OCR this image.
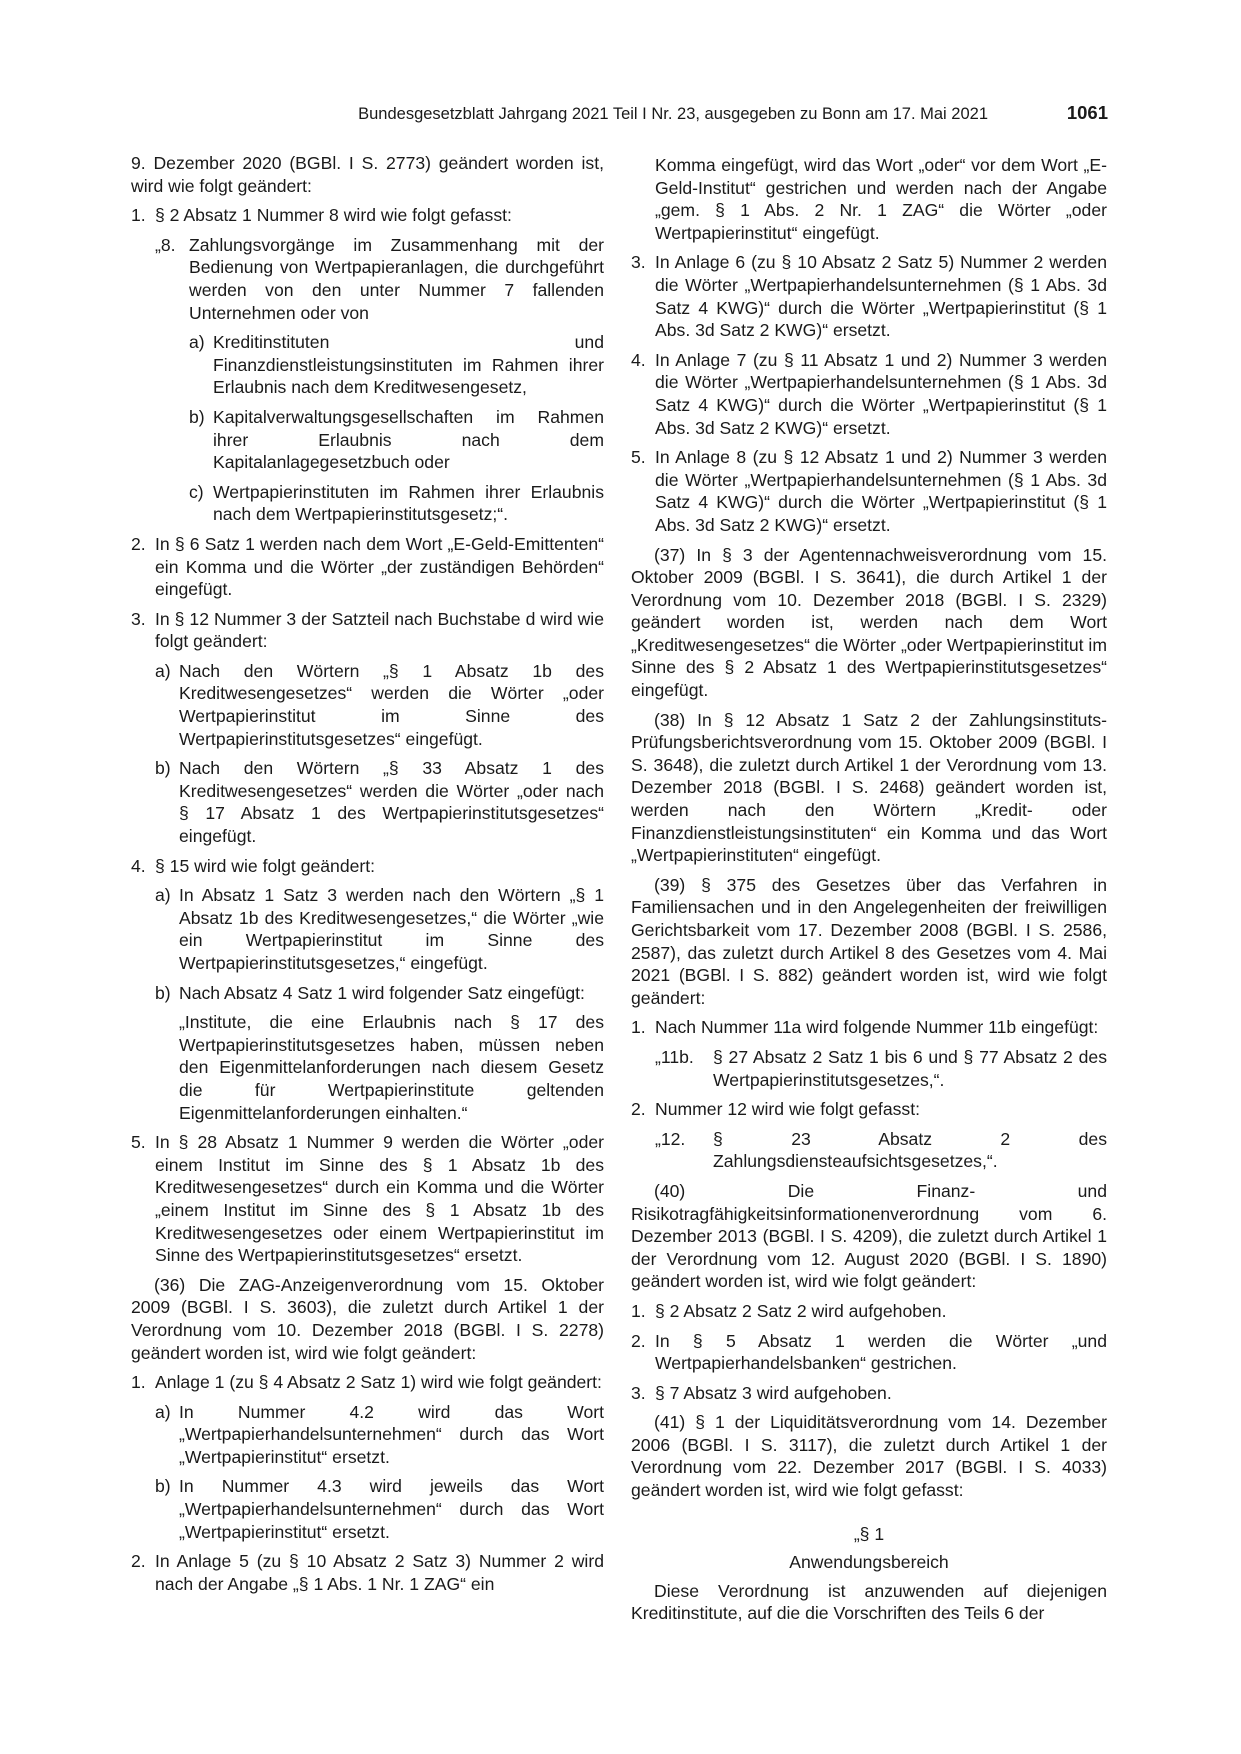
Bundesgesetzblatt Jahrgang 2021 Teil I Nr. 23, ausgegeben zu Bonn am 17. Mai 2021	1061

9. Dezember 2020 (BGBl. I S. 2773) geändert worden ist, wird wie folgt geändert:

1. § 2 Absatz 1 Nummer 8 wird wie folgt gefasst:
„8. Zahlungsvorgänge im Zusammenhang mit der Bedienung von Wertpapieranlagen, die durchgeführt werden von den unter Nummer 7 fallenden Unternehmen oder von
a) Kreditinstituten und Finanzdienstleistungsinstituten im Rahmen ihrer Erlaubnis nach dem Kreditwesengesetz,
b) Kapitalverwaltungsgesellschaften im Rahmen ihrer Erlaubnis nach dem Kapitalanlagegesetzbuch oder
c) Wertpapierinstituten im Rahmen ihrer Erlaubnis nach dem Wertpapierinstitutsgesetz;“.
2. In § 6 Satz 1 werden nach dem Wort „E-Geld-Emittenten“ ein Komma und die Wörter „der zuständigen Behörden“ eingefügt.
3. In § 12 Nummer 3 der Satzteil nach Buchstabe d wird wie folgt geändert:
a) Nach den Wörtern „§ 1 Absatz 1b des Kreditwesengesetzes“ werden die Wörter „oder Wertpapierinstitut im Sinne des Wertpapierinstitutsgesetzes“ eingefügt.
b) Nach den Wörtern „§ 33 Absatz 1 des Kreditwesengesetzes“ werden die Wörter „oder nach § 17 Absatz 1 des Wertpapierinstitutsgesetzes“ eingefügt.
4. § 15 wird wie folgt geändert:
a) In Absatz 1 Satz 3 werden nach den Wörtern „§ 1 Absatz 1b des Kreditwesengesetzes,“ die Wörter „wie ein Wertpapierinstitut im Sinne des Wertpapierinstitutsgesetzes,“ eingefügt.
b) Nach Absatz 4 Satz 1 wird folgender Satz eingefügt:

„Institute, die eine Erlaubnis nach § 17 des Wertpapierinstitutsgesetzes haben, müssen neben den Eigenmittelanforderungen nach diesem Gesetz die für Wertpapierinstitute geltenden Eigenmittelanforderungen einhalten.“

5. In § 28 Absatz 1 Nummer 9 werden die Wörter „oder einem Institut im Sinne des § 1 Absatz 1b des Kreditwesengesetzes“ durch ein Komma und die Wörter „einem Institut im Sinne des § 1 Absatz 1b des Kreditwesengesetzes oder einem Wertpapierinstitut im Sinne des Wertpapierinstitutsgesetzes“ ersetzt.

(36) Die ZAG-Anzeigenverordnung vom 15. Oktober 2009 (BGBl. I S. 3603), die zuletzt durch Artikel 1 der Verordnung vom 10. Dezember 2018 (BGBl. I S. 2278) geändert worden ist, wird wie folgt geändert:

1. Anlage 1 (zu § 4 Absatz 2 Satz 1) wird wie folgt geändert:
a) In Nummer 4.2 wird das Wort „Wertpapierhandelsunternehmen“ durch das Wort „Wertpapierinstitut“ ersetzt.
b) In Nummer 4.3 wird jeweils das Wort „Wertpapierhandelsunternehmen“ durch das Wort „Wertpapierinstitut“ ersetzt.
2. In Anlage 5 (zu § 10 Absatz 2 Satz 3) Nummer 2 wird nach der Angabe „§ 1 Abs. 1 Nr. 1 ZAG“ ein

Komma eingefügt, wird das Wort „oder“ vor dem Wort „E-Geld-Institut“ gestrichen und werden nach der Angabe „gem. § 1 Abs. 2 Nr. 1 ZAG“ die Wörter „oder Wertpapierinstitut“ eingefügt.

3. In Anlage 6 (zu § 10 Absatz 2 Satz 5) Nummer 2 werden die Wörter „Wertpapierhandelsunternehmen (§ 1 Abs. 3d Satz 4 KWG)“ durch die Wörter „Wertpapierinstitut (§ 1 Abs. 3d Satz 2 KWG)“ ersetzt.
4. In Anlage 7 (zu § 11 Absatz 1 und 2) Nummer 3 werden die Wörter „Wertpapierhandelsunternehmen (§ 1 Abs. 3d Satz 4 KWG)“ durch die Wörter „Wertpapierinstitut (§ 1 Abs. 3d Satz 2 KWG)“ ersetzt.
5. In Anlage 8 (zu § 12 Absatz 1 und 2) Nummer 3 werden die Wörter „Wertpapierhandelsunternehmen (§ 1 Abs. 3d Satz 4 KWG)“ durch die Wörter „Wertpapierinstitut (§ 1 Abs. 3d Satz 2 KWG)“ ersetzt.

(37) In § 3 der Agentennachweisverordnung vom 15. Oktober 2009 (BGBl. I S. 3641), die durch Artikel 1 der Verordnung vom 10. Dezember 2018 (BGBl. I S. 2329) geändert worden ist, werden nach dem Wort „Kreditwesengesetzes“ die Wörter „oder Wertpapierinstitut im Sinne des § 2 Absatz 1 des Wertpapierinstitutsgesetzes“ eingefügt.

(38) In § 12 Absatz 1 Satz 2 der Zahlungsinstituts-Prüfungsberichtsverordnung vom 15. Oktober 2009 (BGBl. I S. 3648), die zuletzt durch Artikel 1 der Verordnung vom 13. Dezember 2018 (BGBl. I S. 2468) geändert worden ist, werden nach den Wörtern „Kredit- oder Finanzdienstleistungsinstituten“ ein Komma und das Wort „Wertpapierinstituten“ eingefügt.

(39) § 375 des Gesetzes über das Verfahren in Familiensachen und in den Angelegenheiten der freiwilligen Gerichtsbarkeit vom 17. Dezember 2008 (BGBl. I S. 2586, 2587), das zuletzt durch Artikel 8 des Gesetzes vom 4. Mai 2021 (BGBl. I S. 882) geändert worden ist, wird wie folgt geändert:

1. Nach Nummer 11a wird folgende Nummer 11b eingefügt:
„11b.	§ 27 Absatz 2 Satz 1 bis 6 und § 77 Absatz 2 des Wertpapierinstitutsgesetzes,“.
2. Nummer 12 wird wie folgt gefasst:
„12.	§ 23 Absatz 2 des Zahlungsdiensteaufsichtsgesetzes,“.

(40) Die Finanz- und Risikotragfähigkeitsinformationenverordnung vom 6. Dezember 2013 (BGBl. I S. 4209), die zuletzt durch Artikel 1 der Verordnung vom 12. August 2020 (BGBl. I S. 1890) geändert worden ist, wird wie folgt geändert:

1. § 2 Absatz 2 Satz 2 wird aufgehoben.
2. In § 5 Absatz 1 werden die Wörter „und Wertpapierhandelsbanken“ gestrichen.
3. § 7 Absatz 3 wird aufgehoben.

(41) § 1 der Liquiditätsverordnung vom 14. Dezember 2006 (BGBl. I S. 3117), die zuletzt durch Artikel 1 der Verordnung vom 22. Dezember 2017 (BGBl. I S. 4033) geändert worden ist, wird wie folgt gefasst:

„§ 1

Anwendungsbereich

Diese Verordnung ist anzuwenden auf diejenigen Kreditinstitute, auf die die Vorschriften des Teils 6 der
